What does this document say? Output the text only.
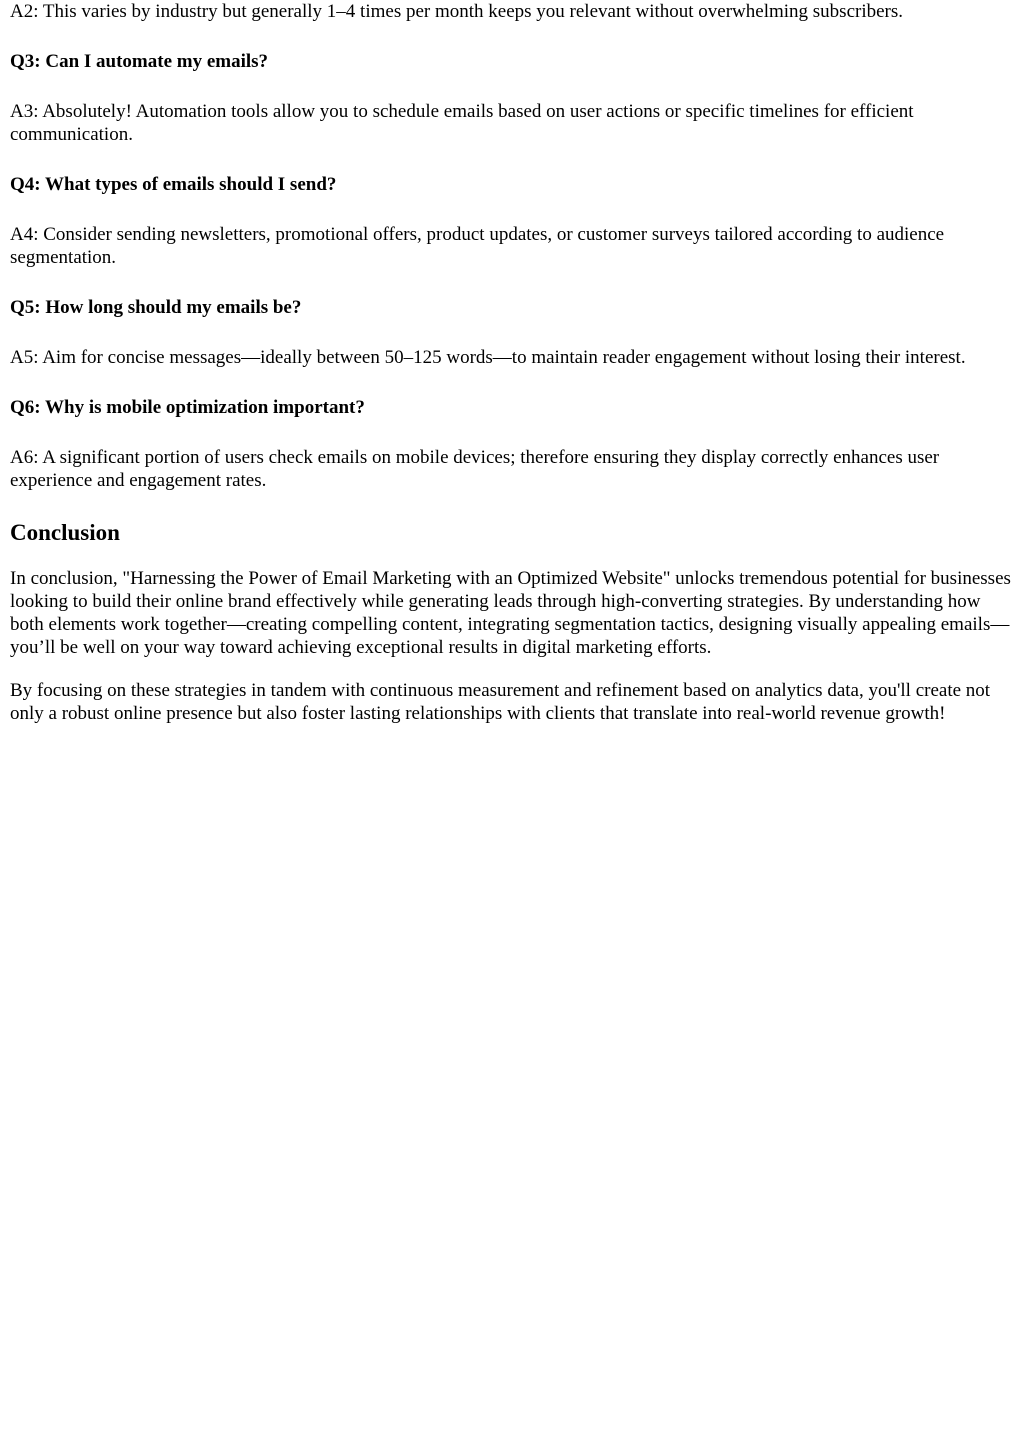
A2: This varies by industry but generally 1–4 times per month keeps you relevant without overwhelming subscribers.

Q3: Can I automate my emails?

A3: Absolutely! Automation tools allow you to schedule emails based on user actions or specific timelines for efficient communication.

Q4: What types of emails should I send?

A4: Consider sending newsletters, promotional offers, product updates, or customer surveys tailored according to audience segmentation.

Q5: How long should my emails be?

A5: Aim for concise messages—ideally between 50–125 words—to maintain reader engagement without losing their interest.

Q6: Why is mobile optimization important?

A6: A significant portion of users check emails on mobile devices; therefore ensuring they display correctly enhances user experience and engagement rates.

Conclusion

In conclusion, "Harnessing the Power of Email Marketing with an Optimized Website" unlocks tremendous potential for businesses looking to build their online brand effectively while generating leads through high-converting strategies. By understanding how both elements work together—creating compelling content, integrating segmentation tactics, designing visually appealing emails—you’ll be well on your way toward achieving exceptional results in digital marketing efforts.

By focusing on these strategies in tandem with continuous measurement and refinement based on analytics data, you'll create not only a robust online presence but also foster lasting relationships with clients that translate into real-world revenue growth!
